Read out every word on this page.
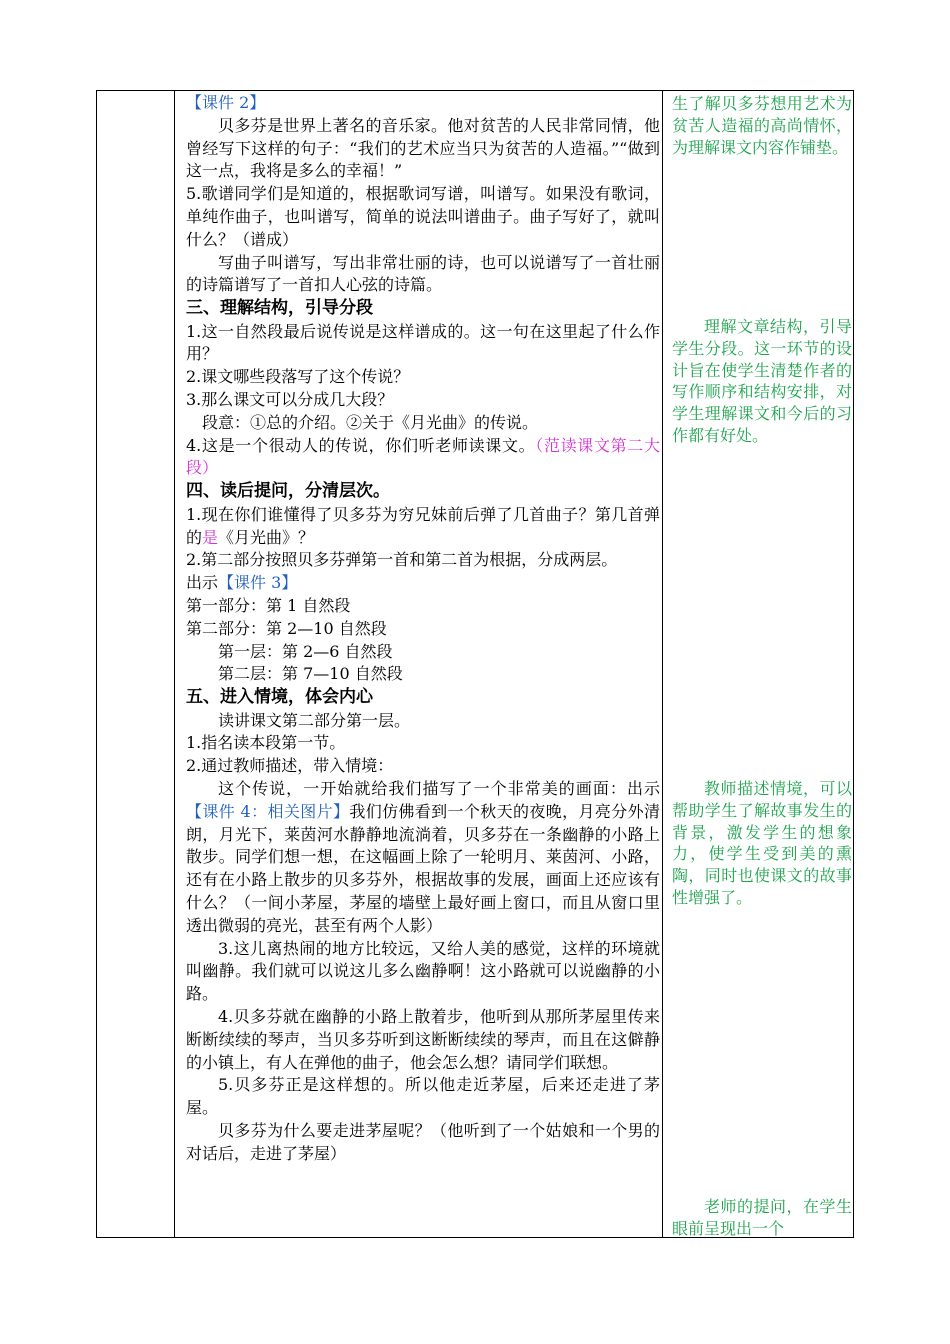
【课件 2】

贝多芬是世界上著名的音乐家。他对贫苦的人民非常同情，他曾经写下这样的句子：“我们的艺术应当只为贫苦的人造福。”“做到这一点，我将是多么的幸福！”

5.歌谱同学们是知道的，根据歌词写谱，叫谱写。如果没有歌词，单纯作曲子，也叫谱写，简单的说法叫谱曲子。曲子写好了，就叫什么？（谱成）

写曲子叫谱写，写出非常壮丽的诗，也可以说谱写了一首壮丽的诗篇谱写了一首扣人心弦的诗篇。

三、理解结构，引导分段

1.这一自然段最后说传说是这样谱成的。这一句在这里起了什么作用？

2.课文哪些段落写了这个传说？

3.那么课文可以分成几大段？

段意：①总的介绍。②关于《月光曲》的传说。

4.这是一个很动人的传说，你们听老师读课文。（范读课文第二大段）

四、读后提问，分清层次。

1.现在你们谁懂得了贝多芬为穷兄妹前后弹了几首曲子？第几首弹的是《月光曲》？

2.第二部分按照贝多芬弹第一首和第二首为根据，分成两层。

出示【课件 3】

第一部分：第 1 自然段

第二部分：第 2—10 自然段

第一层：第 2—6 自然段

第二层：第 7—10 自然段

五、进入情境，体会内心

读讲课文第二部分第一层。

1.指名读本段第一节。

2.通过教师描述，带入情境：

这个传说，一开始就给我们描写了一个非常美的画面：出示【课件 4：相关图片】我们仿佛看到一个秋天的夜晚，月亮分外清朗，月光下，莱茵河水静静地流淌着，贝多芬在一条幽静的小路上散步。同学们想一想，在这幅画上除了一轮明月、莱茵河、小路，还有在小路上散步的贝多芬外，根据故事的发展，画面上还应该有什么？（一间小茅屋，茅屋的墙壁上最好画上窗口，而且从窗口里透出微弱的亮光，甚至有两个人影）

3.这儿离热闹的地方比较远，又给人美的感觉，这样的环境就叫幽静。我们就可以说这儿多么幽静啊！这小路就可以说幽静的小路。

4.贝多芬就在幽静的小路上散着步，他听到从那所茅屋里传来断断续续的琴声，当贝多芬听到这断断续续的琴声，而且在这僻静的小镇上，有人在弹他的曲子，他会怎么想？请同学们联想。

5.贝多芬正是这样想的。所以他走近茅屋，后来还走进了茅屋。

贝多芬为什么要走进茅屋呢？（他听到了一个姑娘和一个男的对话后，走进了茅屋）

生了解贝多芬想用艺术为贫苦人造福的高尚情怀，为理解课文内容作铺垫。

理解文章结构，引导学生分段。这一环节的设计旨在使学生清楚作者的写作顺序和结构安排，对学生理解课文和今后的习作都有好处。

教师描述情境，可以帮助学生了解故事发生的背景，激发学生的想象力，使学生受到美的熏陶，同时也使课文的故事性增强了。

老师的提问，在学生眼前呈现出一个
